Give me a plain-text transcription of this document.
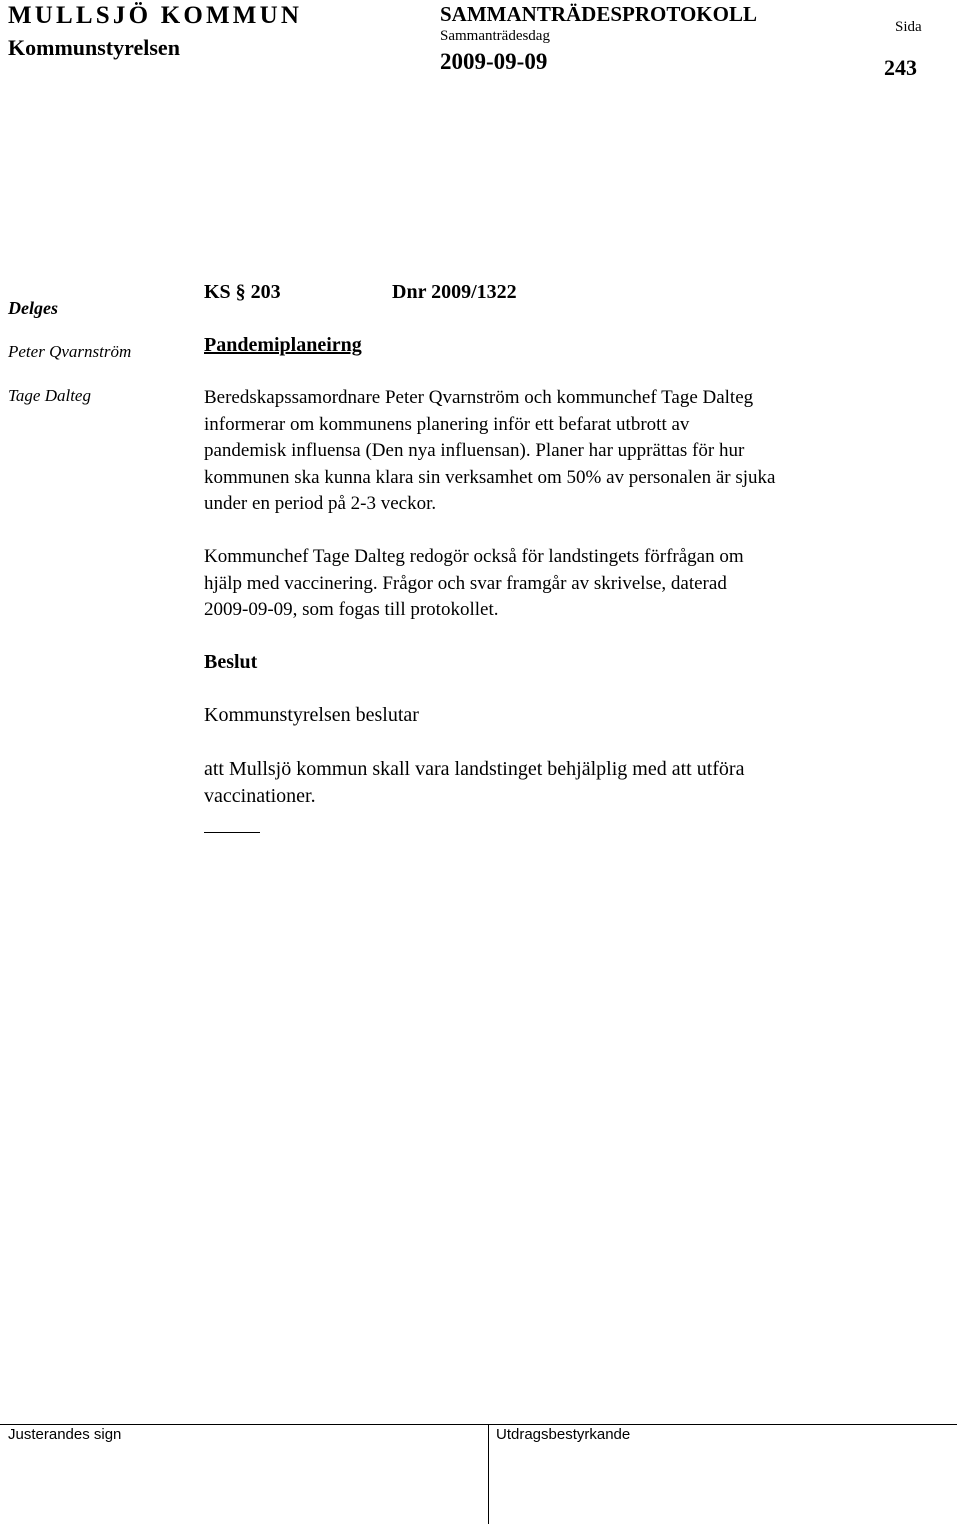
MULLSJÖ KOMMUN
Kommunstyrelsen
SAMMANTRÄDESPROTOKOLL
Sammanträdesdag
2009-09-09
Sida
243
Delges
Peter Qvarnström
Tage Dalteg
KS § 203	Dnr 2009/1322
Pandemiplaneirng
Beredskapssamordnare Peter Qvarnström och kommunchef Tage Dalteg
informerar om kommunens planering inför ett befarat utbrott av
pandemisk influensa (Den nya influensan). Planer har upprättas för hur
kommunen ska kunna klara sin verksamhet om 50% av personalen är sjuka
under en period på 2-3 veckor.
Kommunchef Tage Dalteg redogör också för landstingets förfrågan om
hjälp med vaccinering. Frågor och svar framgår av skrivelse, daterad
2009-09-09, som fogas till protokollet.
Beslut
Kommunstyrelsen beslutar
att Mullsjö kommun skall vara landstinget behjälplig med att utföra
vaccinationer.
Justerandes sign	Utdragsbestyrkande
